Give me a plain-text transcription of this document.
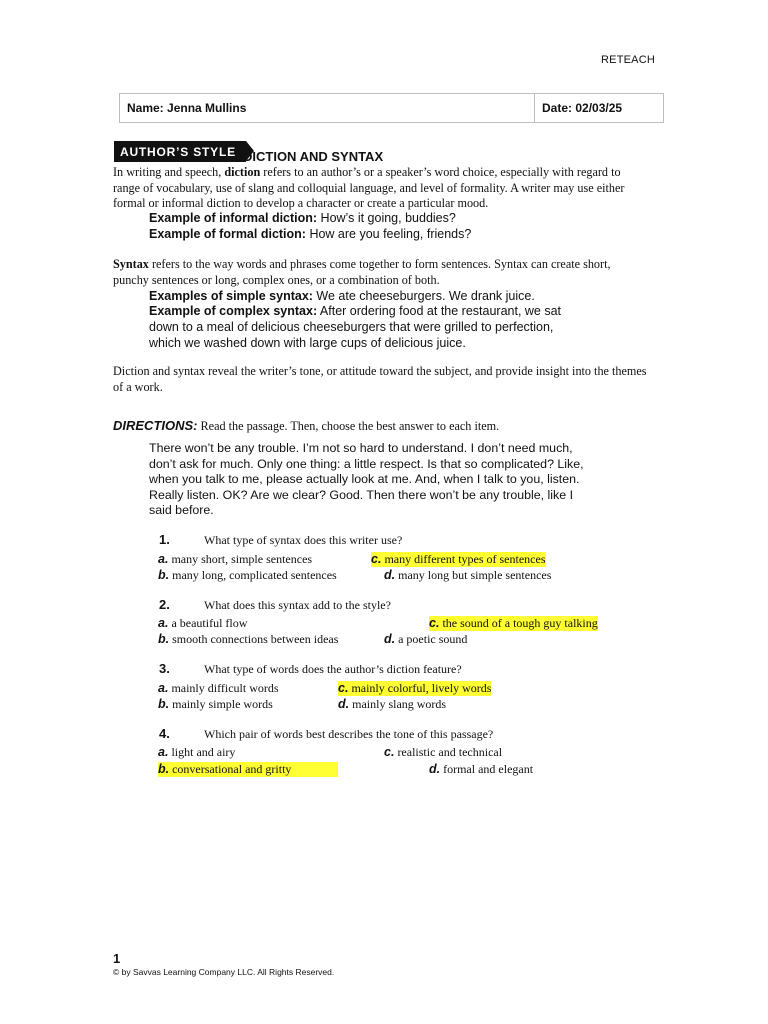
RETEACH
Name: Jenna Mullins	Date: 02/03/25
AUTHOR’S STYLE DICTION AND SYNTAX
In writing and speech, diction refers to an author’s or a speaker’s word choice, especially with regard to range of vocabulary, use of slang and colloquial language, and level of formality. A writer may use either formal or informal diction to develop a character or create a particular mood.
Example of informal diction: How’s it going, buddies?
Example of formal diction: How are you feeling, friends?
Syntax refers to the way words and phrases come together to form sentences. Syntax can create short, punchy sentences or long, complex ones, or a combination of both.
Examples of simple syntax: We ate cheeseburgers. We drank juice.
Example of complex syntax: After ordering food at the restaurant, we sat down to a meal of delicious cheeseburgers that were grilled to perfection, which we washed down with large cups of delicious juice.
Diction and syntax reveal the writer’s tone, or attitude toward the subject, and provide insight into the themes of a work.
DIRECTIONS: Read the passage. Then, choose the best answer to each item.
There won’t be any trouble. I’m not so hard to understand. I don’t need much, don’t ask for much. Only one thing: a little respect. Is that so complicated? Like, when you talk to me, please actually look at me. And, when I talk to you, listen. Really listen. OK? Are we clear? Good. Then there won’t be any trouble, like I said before.
1.	What type of syntax does this writer use?
a. many short, simple sentences	c. many different types of sentences
b. many long, complicated sentences	d. many long but simple sentences
2.	What does this syntax add to the style?
a. a beautiful flow	c. the sound of a tough guy talking
b. smooth connections between ideas	d. a poetic sound
3.	What type of words does the author’s diction feature?
a. mainly difficult words	c. mainly colorful, lively words
b. mainly simple words	d. mainly slang words
4.	Which pair of words best describes the tone of this passage?
a. light and airy	c. realistic and technical
b. conversational and gritty	d. formal and elegant
1
© by Savvas Learning Company LLC. All Rights Reserved.
